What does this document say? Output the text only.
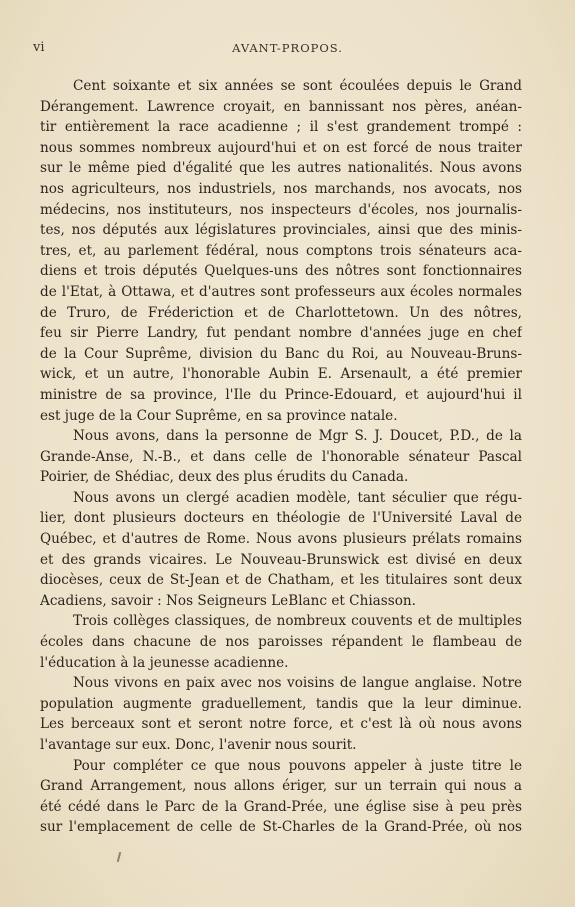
vi	AVANT-PROPOS.
Cent soixante et six années se sont écoulées depuis le Grand
Dérangement. Lawrence croyait, en bannissant nos pères, anéan-
tir entièrement la race acadienne ; il s'est grandement trompé :
nous sommes nombreux aujourd'hui et on est forcé de nous traiter
sur le même pied d'égalité que les autres nationalités. Nous avons
nos agriculteurs, nos industriels, nos marchands, nos avocats, nos
médecins, nos instituteurs, nos inspecteurs d'écoles, nos journalis-
tes, nos députés aux législatures provinciales, ainsi que des minis-
tres, et, au parlement fédéral, nous comptons trois sénateurs aca-
diens et trois députés Quelques-uns des nôtres sont fonctionnaires
de l'Etat, à Ottawa, et d'autres sont professeurs aux écoles normales
de Truro, de Fréderiction et de Charlottetown. Un des nôtres,
feu sir Pierre Landry, fut pendant nombre d'années juge en chef
de la Cour Suprême, division du Banc du Roi, au Nouveau-Bruns-
wick, et un autre, l'honorable Aubin E. Arsenault, a été premier
ministre de sa province, l'Ile du Prince-Edouard, et aujourd'hui il
est juge de la Cour Suprême, en sa province natale.
Nous avons, dans la personne de Mgr S. J. Doucet, P.D., de la
Grande-Anse, N.-B., et dans celle de l'honorable sénateur Pascal
Poirier, de Shédiac, deux des plus érudits du Canada.
Nous avons un clergé acadien modèle, tant séculier que régu-
lier, dont plusieurs docteurs en théologie de l'Université Laval de
Québec, et d'autres de Rome. Nous avons plusieurs prélats romains
et des grands vicaires. Le Nouveau-Brunswick est divisé en deux
diocèses, ceux de St-Jean et de Chatham, et les titulaires sont deux
Acadiens, savoir : Nos Seigneurs LeBlanc et Chiasson.
Trois collèges classiques, de nombreux couvents et de multiples
écoles dans chacune de nos paroisses répandent le flambeau de
l'éducation à la jeunesse acadienne.
Nous vivons en paix avec nos voisins de langue anglaise. Notre
population augmente graduellement, tandis que la leur diminue.
Les berceaux sont et seront notre force, et c'est là où nous avons
l'avantage sur eux. Donc, l'avenir nous sourit.
Pour compléter ce que nous pouvons appeler à juste titre le
Grand Arrangement, nous allons ériger, sur un terrain qui nous a
été cédé dans le Parc de la Grand-Prée, une église sise à peu près
sur l'emplacement de celle de St-Charles de la Grand-Prée, où nos
